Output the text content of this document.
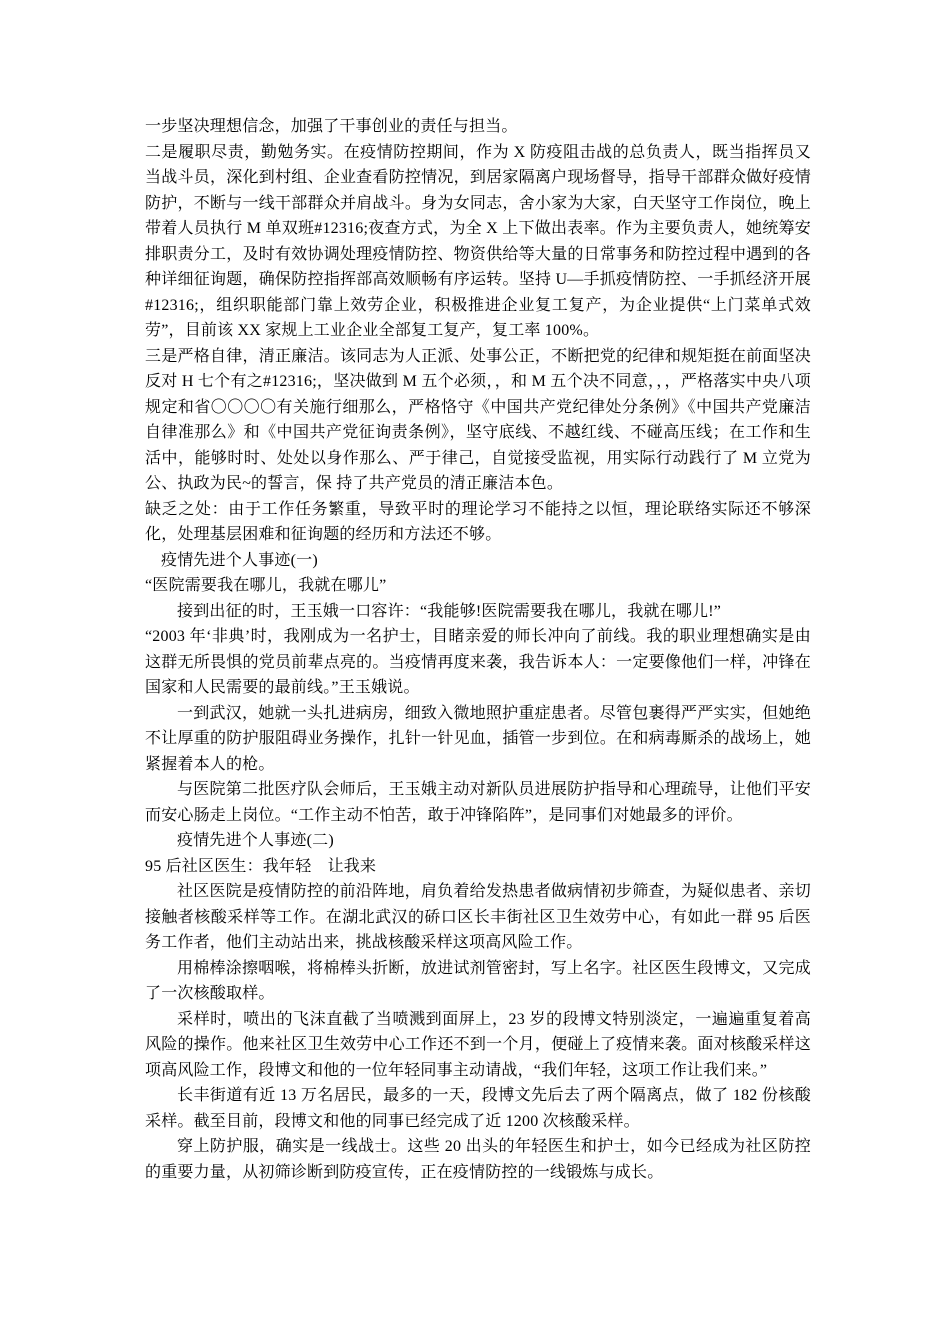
一步坚决理想信念，加强了干事创业的责任与担当。

二是履职尽责，勤勉务实。在疫情防控期间，作为 X 防疫阻击战的总负责人，既当指挥员又当战斗员，深化到村组、企业查看防控情况，到居家隔离户现场督导，指导干部群众做好疫情防护，不断与一线干部群众并肩战斗。身为女同志，舍小家为大家，白天坚守工作岗位，晚上带着人员执行 M 单双班#12316;夜查方式，为全 X 上下做出表率。作为主要负责人，她统筹安排职责分工，及时有效协调处理疫情防控、物资供给等大量的日常事务和防控过程中遇到的各种详细征询题，确保防控指挥部高效顺畅有序运转。坚持 U—手抓疫情防控、一手抓经济开展#12316;，组织职能部门靠上效劳企业，积极推进企业复工复产，为企业提供“上门菜单式效劳”，目前该 XX 家规上工业企业全部复工复产，复工率 100%。

三是严格自律，清正廉洁。该同志为人正派、处事公正，不断把党的纪律和规矩挺在前面坚决反对 H 七个有之#12316;，坚决做到 M 五个必须，，和 M 五个决不同意，，，严格落实中央八项规定和省〇〇〇〇有关施行细那么，严格恪守《中国共产党纪律处分条例》《中国共产党廉洁自律准那么》和《中国共产党征询责条例》，坚守底线、不越红线、不碰高压线；在工作和生活中，能够时时、处处以身作那么、严于律己，自觉接受监视，用实际行动践行了 M 立党为公、执政为民~的誓言，保 持了共产党员的清正廉洁本色。

缺乏之处：由于工作任务繁重，导致平时的理论学习不能持之以恒，理论联络实际还不够深化，处理基层困难和征询题的经历和方法还不够。

疫情先进个人事迹(一)

“医院需要我在哪儿，我就在哪儿”

接到出征的时，王玉娥一口容许：“我能够!医院需要我在哪儿，我就在哪儿!”

“2003 年‘非典’时，我刚成为一名护士，目睹亲爱的师长冲向了前线。我的职业理想确实是由这群无所畏惧的党员前辈点亮的。当疫情再度来袭，我告诉本人：一定要像他们一样，冲锋在国家和人民需要的最前线。”王玉娥说。

一到武汉，她就一头扎进病房，细致入微地照护重症患者。尽管包裹得严严实实，但她绝不让厚重的防护服阻碍业务操作，扎针一针见血，插管一步到位。在和病毒厮杀的战场上，她紧握着本人的枪。

与医院第二批医疗队会师后，王玉娥主动对新队员进展防护指导和心理疏导，让他们平安而安心肠走上岗位。“工作主动不怕苦，敢于冲锋陷阵”，是同事们对她最多的评价。

疫情先进个人事迹(二)

95 后社区医生：我年轻　让我来

社区医院是疫情防控的前沿阵地，肩负着给发热患者做病情初步筛查，为疑似患者、亲切接触者核酸采样等工作。在湖北武汉的硚口区长丰街社区卫生效劳中心，有如此一群 95 后医务工作者，他们主动站出来，挑战核酸采样这项高风险工作。

用棉棒涂擦咽喉，将棉棒头折断，放进试剂管密封，写上名字。社区医生段博文，又完成了一次核酸取样。

采样时，喷出的飞沫直截了当喷溅到面屏上，23 岁的段博文特别淡定，一遍遍重复着高风险的操作。他来社区卫生效劳中心工作还不到一个月，便碰上了疫情来袭。面对核酸采样这项高风险工作，段博文和他的一位年轻同事主动请战，“我们年轻，这项工作让我们来。”

长丰街道有近 13 万名居民，最多的一天，段博文先后去了两个隔离点，做了 182 份核酸采样。截至目前，段博文和他的同事已经完成了近 1200 次核酸采样。

穿上防护服，确实是一线战士。这些 20 出头的年轻医生和护士，如今已经成为社区防控的重要力量，从初筛诊断到防疫宣传，正在疫情防控的一线锻炼与成长。
